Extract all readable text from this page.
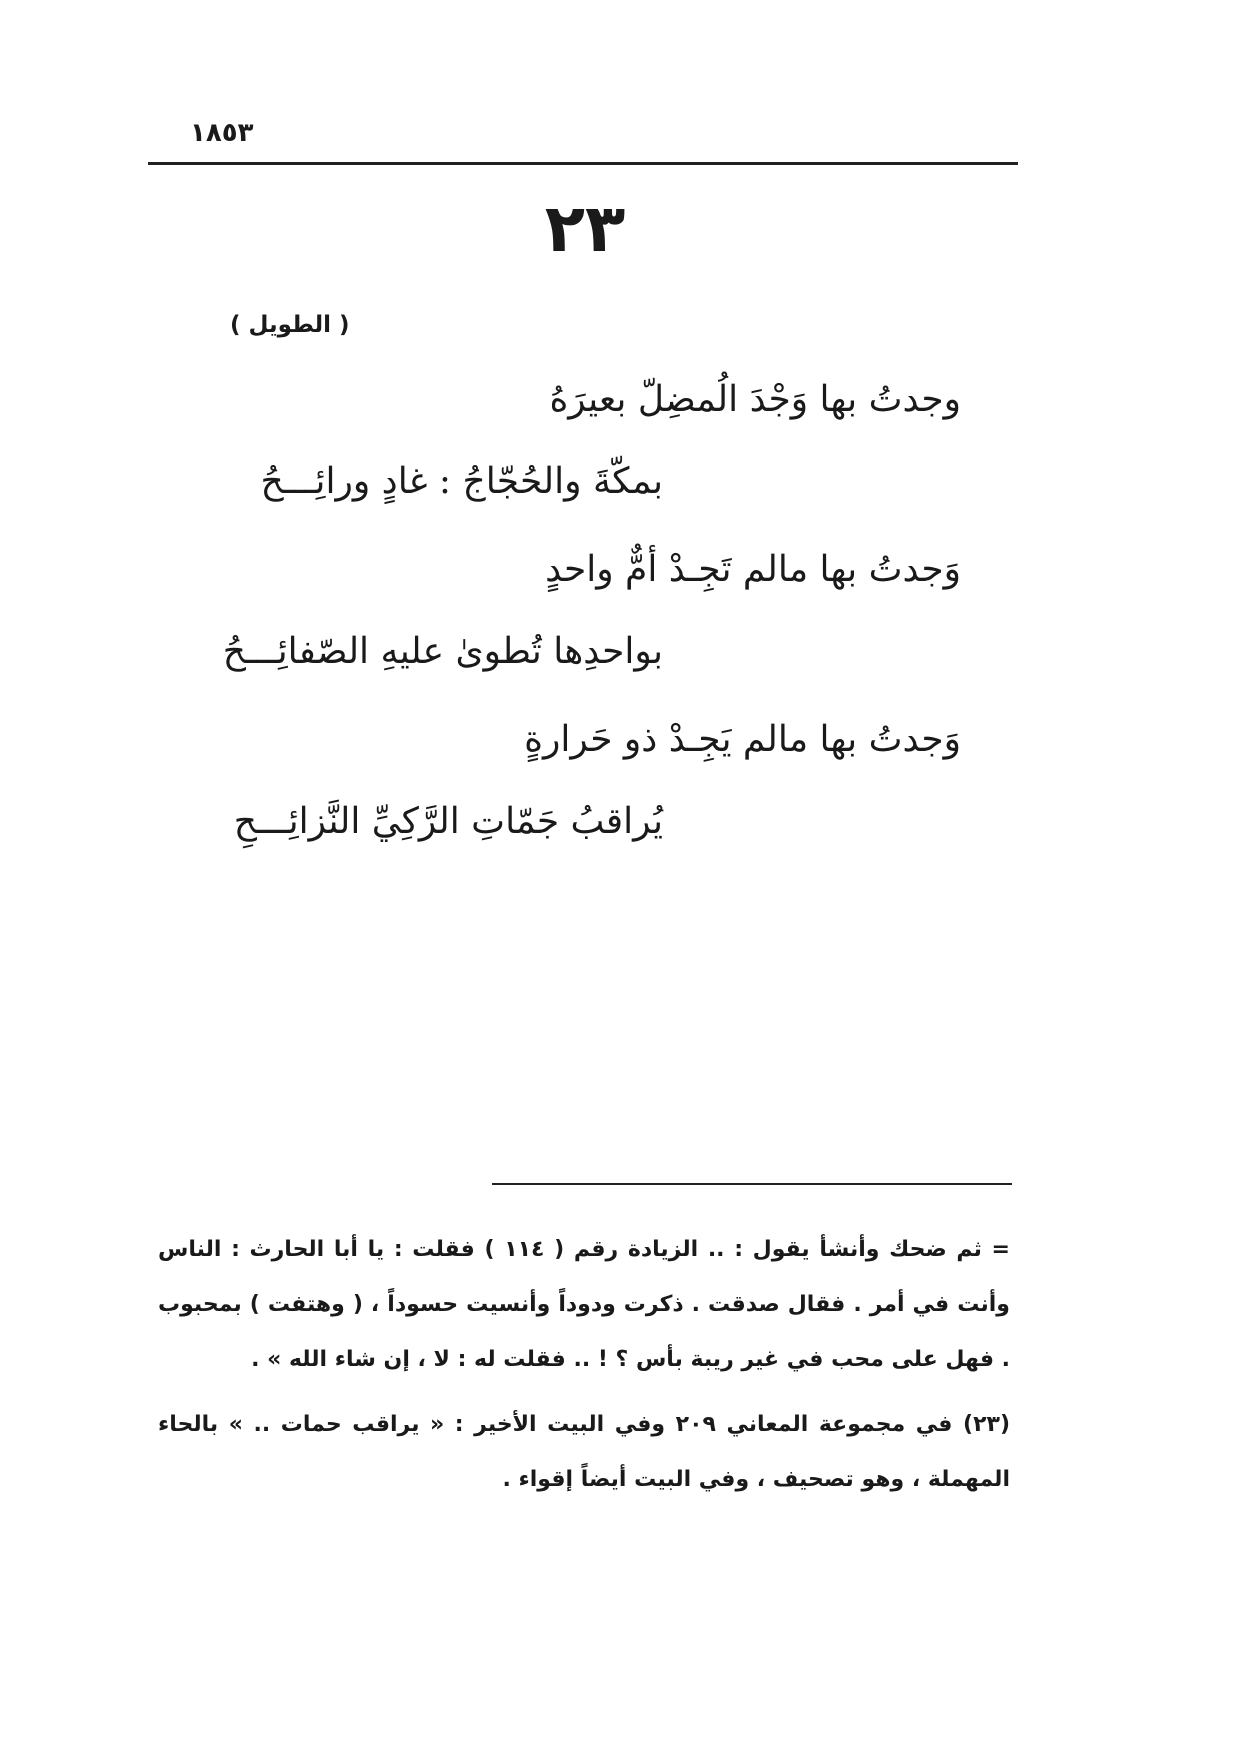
١٨٥٣
٢٣
( الطويل )
وجدتُ بها وَجْدَ الُمضِلّ بعيرَهُ
بمكّةَ والحُجّاجُ : غادٍ ورائِـــحُ
وَجدتُ بها مالم تَجِـدْ أمٌّ واحدٍ
بواحدِها تُطوىٰ عليهِ الصّفائِـــحُ
وَجدتُ بها مالم يَجِـدْ ذو حَرارةٍ
يُراقبُ جَمّاتِ الرَّكِيِّ النَّزائِـــحِ

= ثم ضحك وأنشأ يقول : .. الزيادة رقم ( ١١٤ ) فقلت : يا أبا الحارث : الناس وأنت في أمر . فقال صدقت . ذكرت ودوداً وأنسيت حسوداً ، ( وهتفت ) بمحبوب . فهل على محب في غير ريبة بأس ؟ ! .. فقلت له : لا ، إن شاء الله » .

(٢٣) في مجموعة المعاني ٢٠٩ وفي البيت الأخير : « يراقب حمات .. » بالحاء المهملة ، وهو تصحيف ، وفي البيت أيضاً إقواء .
